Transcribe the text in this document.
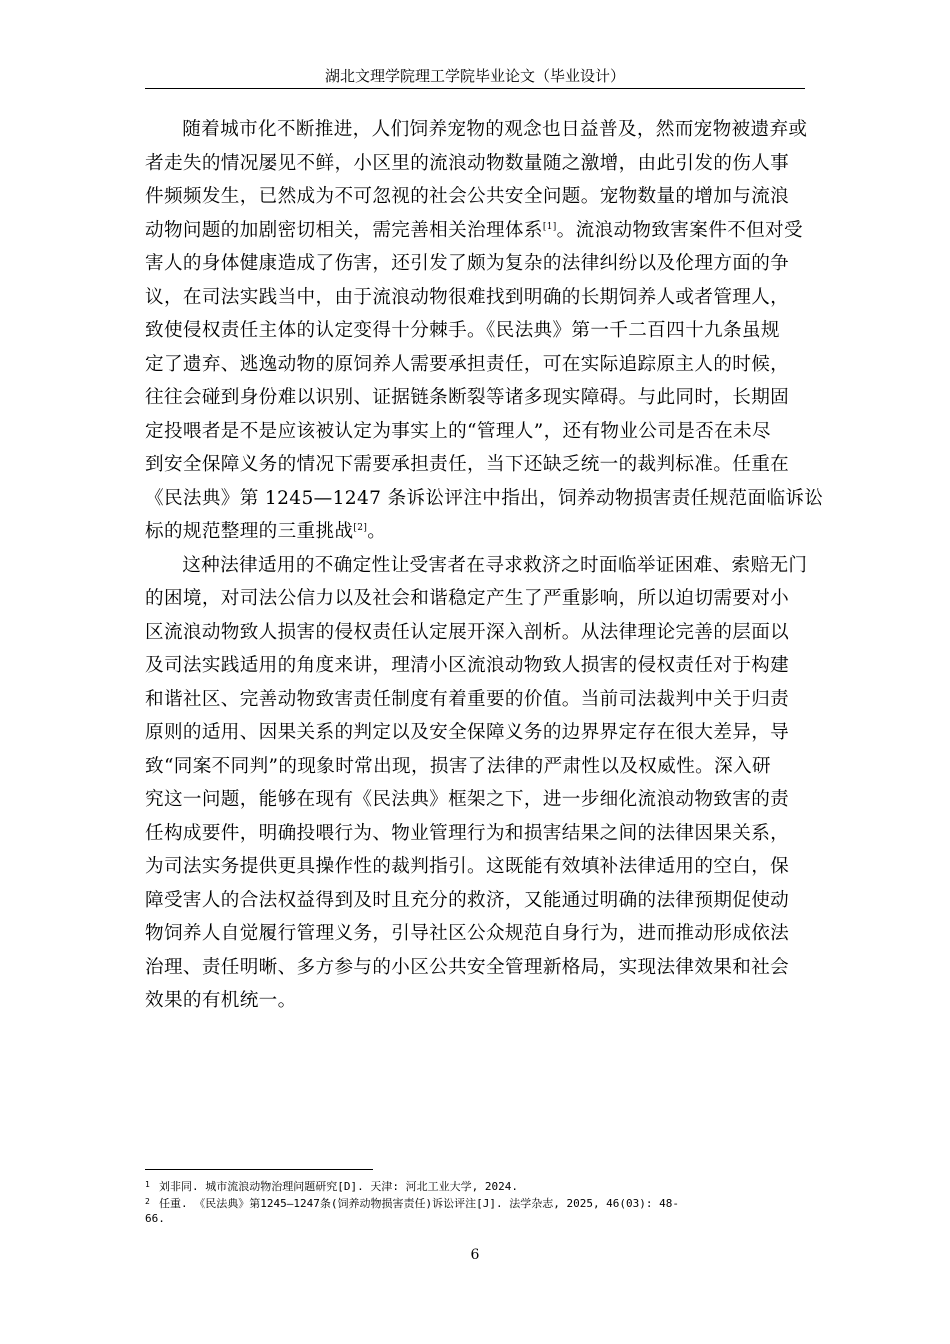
湖北文理学院理工学院毕业论文（毕业设计）

随着城市化不断推进，人们饲养宠物的观念也日益普及，然而宠物被遗弃或
者走失的情况屡见不鲜，小区里的流浪动物数量随之激增，由此引发的伤人事
件频频发生，已然成为不可忽视的社会公共安全问题。宠物数量的增加与流浪
动物问题的加剧密切相关，需完善相关治理体系[1]。流浪动物致害案件不但对受
害人的身体健康造成了伤害，还引发了颇为复杂的法律纠纷以及伦理方面的争
议，在司法实践当中，由于流浪动物很难找到明确的长期饲养人或者管理人，
致使侵权责任主体的认定变得十分棘手。《民法典》第一千二百四十九条虽规
定了遗弃、逃逸动物的原饲养人需要承担责任，可在实际追踪原主人的时候，
往往会碰到身份难以识别、证据链条断裂等诸多现实障碍。与此同时，长期固
定投喂者是不是应该被认定为事实上的“管理人”，还有物业公司是否在未尽
到安全保障义务的情况下需要承担责任，当下还缺乏统一的裁判标准。任重在
《民法典》第 1245—1247 条诉讼评注中指出，饲养动物损害责任规范面临诉讼
标的规范整理的三重挑战[2]。

这种法律适用的不确定性让受害者在寻求救济之时面临举证困难、索赔无门
的困境，对司法公信力以及社会和谐稳定产生了严重影响，所以迫切需要对小
区流浪动物致人损害的侵权责任认定展开深入剖析。从法律理论完善的层面以
及司法实践适用的角度来讲，理清小区流浪动物致人损害的侵权责任对于构建
和谐社区、完善动物致害责任制度有着重要的价值。当前司法裁判中关于归责
原则的适用、因果关系的判定以及安全保障义务的边界界定存在很大差异，导
致“同案不同判”的现象时常出现，损害了法律的严肃性以及权威性。深入研
究这一问题，能够在现有《民法典》框架之下，进一步细化流浪动物致害的责
任构成要件，明确投喂行为、物业管理行为和损害结果之间的法律因果关系，
为司法实务提供更具操作性的裁判指引。这既能有效填补法律适用的空白，保
障受害人的合法权益得到及时且充分的救济，又能通过明确的法律预期促使动
物饲养人自觉履行管理义务，引导社区公众规范自身行为，进而推动形成依法
治理、责任明晰、多方参与的小区公共安全管理新格局，实现法律效果和社会
效果的有机统一。

1 刘非同. 城市流浪动物治理问题研究[D]. 天津: 河北工业大学, 2024.
2 任重. 《民法典》第1245—1247条(饲养动物损害责任)诉讼评注[J]. 法学杂志, 2025, 46(03): 48-
66.
6
